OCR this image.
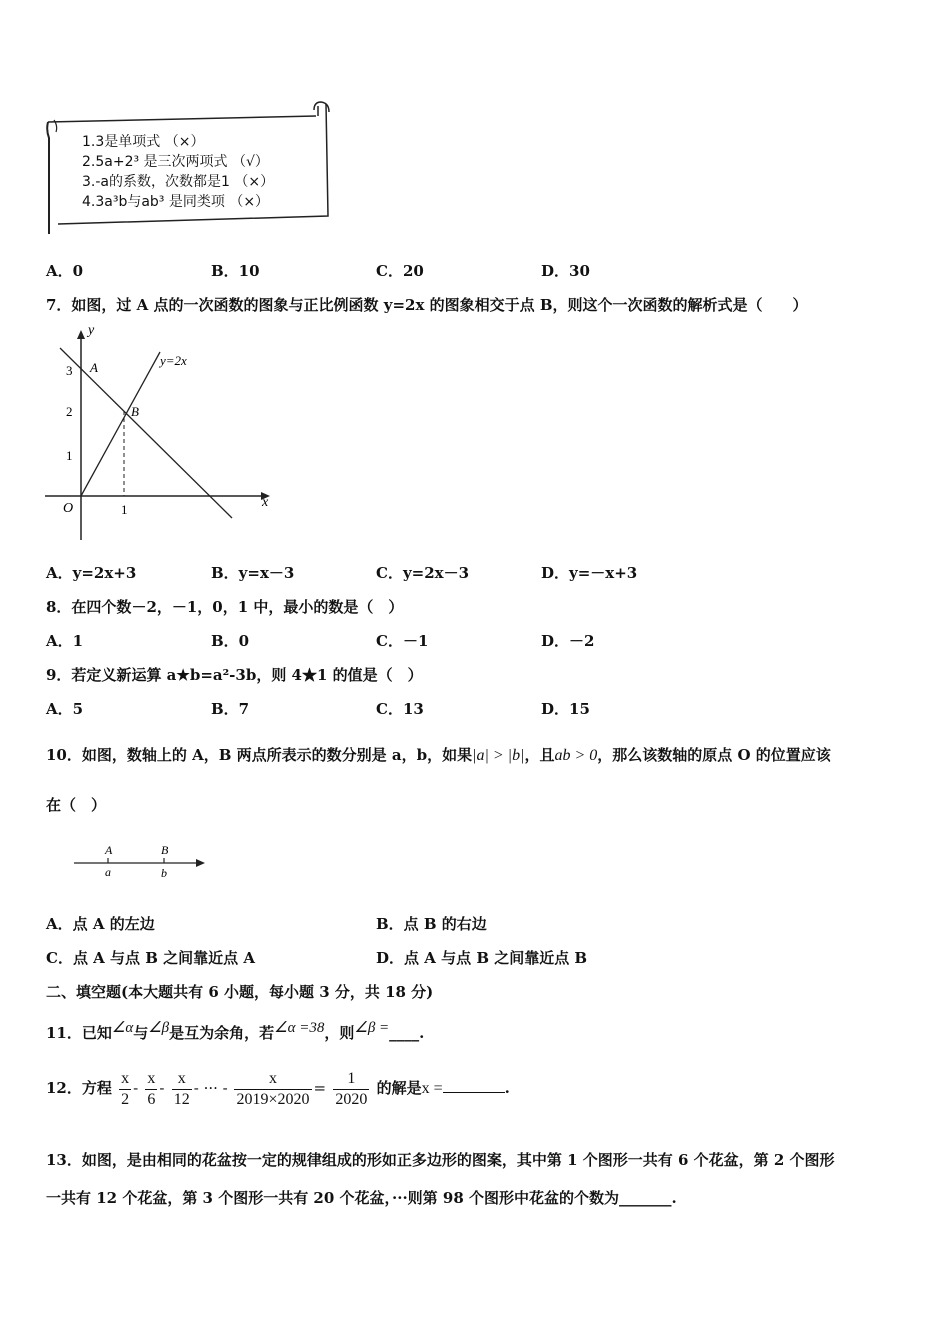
1.3是单项式 （×）
2.5a+2³ 是三次两项式 （√）
3.-a的系数，次数都是1 （×）
4.3a³b与ab³ 是同类项 （×）
A．0	B．10	C．20	D．30
7．如图，过 A 点的一次函数的图象与正比例函数 y=2x 的图象相交于点 B，则这个一次函数的解析式是（　　）
y
x
O
y=2x
A
B
1
2
3
1
A．y=2x+3	B．y=x－3	C．y=2x－3	D．y=－x+3
8．在四个数－2，－1，0，1 中，最小的数是（　）
A．1	B．0	C．－1	D．－2
9．若定义新运算 a★b=a²-3b，则 4★1 的值是（　）
A．5	B．7	C．13	D．15
10．如图，数轴上的 A，B 两点所表示的数分别是 a，b，如果|a| > |b|，且ab > 0，那么该数轴的原点 O 的位置应该
在（　）
A	B
a	b
A．点 A 的左边	B．点 B 的右边
C．点 A 与点 B 之间靠近点 A	D．点 A 与点 B 之间靠近点 B
二、填空题(本大题共有 6 小题，每小题 3 分，共 18 分)
11．已知$^{\angle\alpha}$与$^{\angle\beta}$是互为余角，若$^{\angle\alpha =38}$，则$^{\angle\beta =}$____.
12．方程 $\frac{x}{2} - \frac{x}{6} - \frac{x}{12}$ - ··· - $\frac{x}{2019\times 2020} = \frac{1}{2020}$ 的解是x =	.
13．如图，是由相同的花盆按一定的规律组成的形如正多边形的图案，其中第 1 个图形一共有 6 个花盆，第 2 个图形
一共有 12 个花盆，第 3 个图形一共有 20 个花盆，···则第 98 个图形中花盆的个数为_______.
